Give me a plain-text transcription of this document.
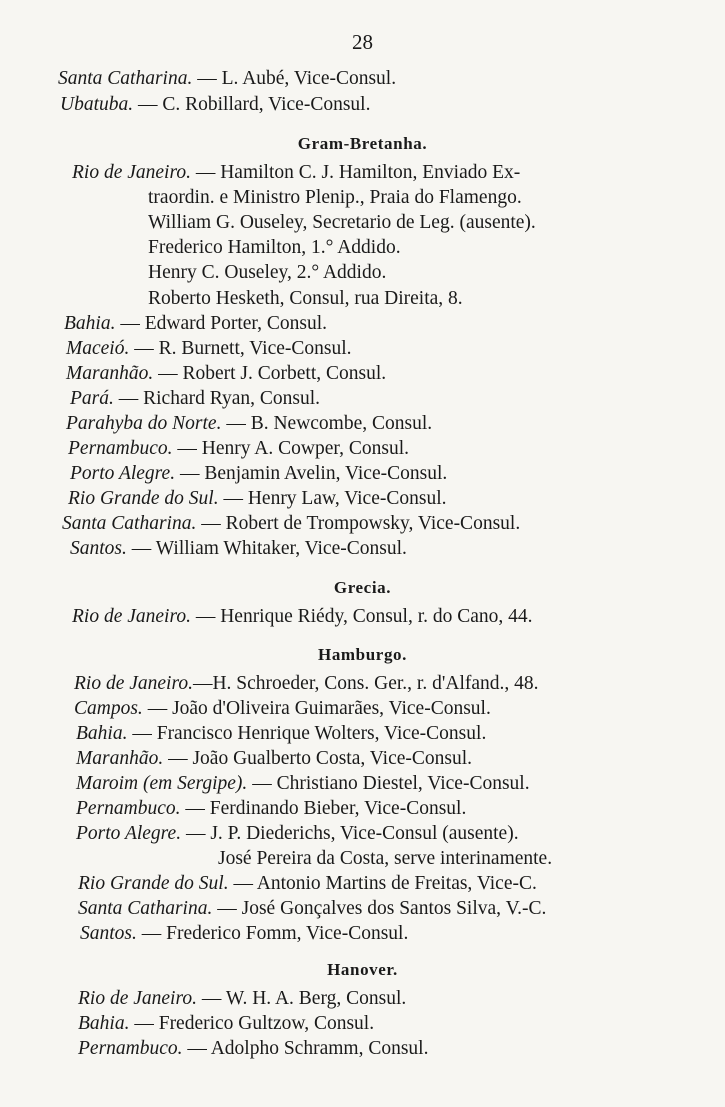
28
Santa Catharina. — L. Aubé, Vice-Consul.
Ubatuba. — C. Robillard, Vice-Consul.
Gram-Bretanha.
Rio de Janeiro. — Hamilton C. J. Hamilton, Enviado Ex-
traordin. e Ministro Plenip., Praia do Flamengo.
William G. Ouseley, Secretario de Leg. (ausente).
Frederico Hamilton, 1.° Addido.
Henry C. Ouseley, 2.° Addido.
Roberto Hesketh, Consul, rua Direita, 8.
Bahia. — Edward Porter, Consul.
Maceió. — R. Burnett, Vice-Consul.
Maranhão. — Robert J. Corbett, Consul.
Pará. — Richard Ryan, Consul.
Parahyba do Norte. — B. Newcombe, Consul.
Pernambuco. — Henry A. Cowper, Consul.
Porto Alegre. — Benjamin Avelin, Vice-Consul.
Rio Grande do Sul. — Henry Law, Vice-Consul.
Santa Catharina. — Robert de Trompowsky, Vice-Consul.
Santos. — William Whitaker, Vice-Consul.
Grecia.
Rio de Janeiro. — Henrique Riédy, Consul, r. do Cano, 44.
Hamburgo.
Rio de Janeiro.—H. Schroeder, Cons. Ger., r. d'Alfand., 48.
Campos. — João d'Oliveira Guimarães, Vice-Consul.
Bahia. — Francisco Henrique Wolters, Vice-Consul.
Maranhão. — João Gualberto Costa, Vice-Consul.
Maroim (em Sergipe). — Christiano Diestel, Vice-Consul.
Pernambuco. — Ferdinando Bieber, Vice-Consul.
Porto Alegre. — J. P. Diederichs, Vice-Consul (ausente).
José Pereira da Costa, serve interinamente.
Rio Grande do Sul. — Antonio Martins de Freitas, Vice-C.
Santa Catharina. — José Gonçalves dos Santos Silva, V.-C.
Santos. — Frederico Fomm, Vice-Consul.
Hanover.
Rio de Janeiro. — W. H. A. Berg, Consul.
Bahia. — Frederico Gultzow, Consul.
Pernambuco. — Adolpho Schramm, Consul.
